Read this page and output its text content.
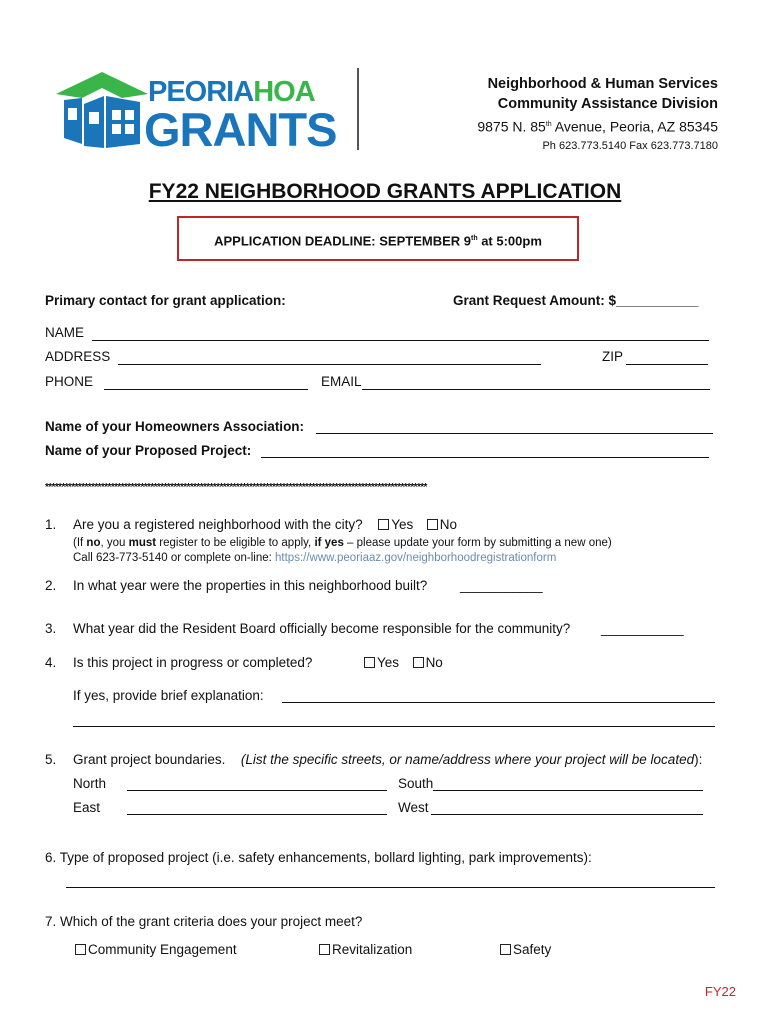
PEORIAHOA
GRANTS
Neighborhood & Human Services
Community Assistance Division
9875 N. 85th Avenue, Peoria, AZ 85345
Ph 623.773.5140 Fax 623.773.7180
FY22 NEIGHBORHOOD GRANTS APPLICATION
APPLICATION DEADLINE: SEPTEMBER 9th at 5:00pm
Primary contact for grant application:	Grant Request Amount: $___________
NAME
ADDRESS	ZIP
PHONE	EMAIL
Name of your Homeowners Association:
Name of your Proposed Project:
********************************************************************************************************************
1. Are you a registered neighborhood with the city? Yes No
(If no, you must register to be eligible to apply, if yes – please update your form by submitting a new one)
Call 623-773-5140 or complete on-line: https://www.peoriaaz.gov/neighborhoodregistrationform
2. In what year were the properties in this neighborhood built? ___________
3. What year did the Resident Board officially become responsible for the community? ___________
4. Is this project in progress or completed?	Yes No
If yes, provide brief explanation:
5. Grant project boundaries. (List the specific streets, or name/address where your project will be located):
North	South
East	West
6. Type of proposed project (i.e. safety enhancements, bollard lighting, park improvements):
7. Which of the grant criteria does your project meet?
Community Engagement	Revitalization	Safety
FY22
